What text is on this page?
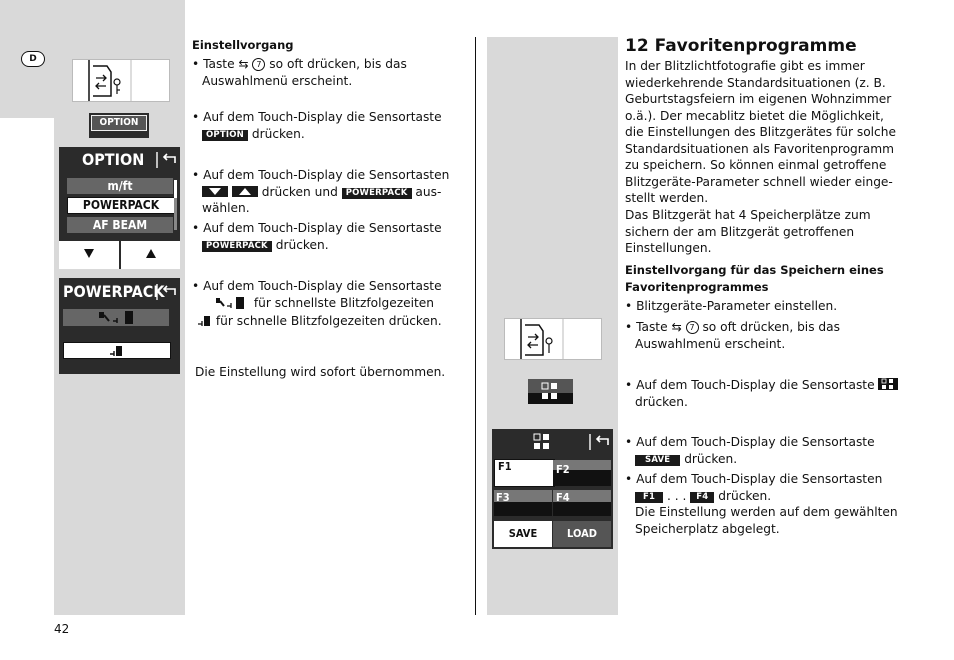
D
OPTION
OPTION
m/ft
POWERPACK
AF BEAM
POWERPACK
Einstellvorgang
• Taste ⇆ 7 so oft drücken, bis das
Auswahlmenü erscheint.
• Auf dem Touch-Display die Sensortaste
OPTION drücken.
• Auf dem Touch-Display die Sensortasten
drücken und POWERPACK aus-
wählen.
• Auf dem Touch-Display die Sensortaste
POWERPACK drücken.
• Auf dem Touch-Display die Sensortaste
für schnellste Blitzfolgezeiten
für schnelle Blitzfolgezeiten drücken.
Die Einstellung wird sofort übernommen.
F1	F2
F3	F4
SAVE	LOAD
12 Favoritenprogramme
In der Blitzlichtfotografie gibt es immer
wiederkehrende Standardsituationen (z. B.
Geburtstagsfeiern im eigenen Wohnzimmer
o.ä.). Der mecablitz bietet die Möglichkeit,
die Einstellungen des Blitzgerätes für solche
Standardsituationen als Favoritenprogramm
zu speichern. So können einmal getroffene
Blitzgeräte-Parameter schnell wieder einge-
stellt werden.
Das Blitzgerät hat 4 Speicherplätze zum
sichern der am Blitzgerät getroffenen
Einstellungen.
Einstellvorgang für das Speichern eines
Favoritenprogrammes
• Blitzgeräte-Parameter einstellen.
• Taste ⇆ 7 so oft drücken, bis das
Auswahlmenü erscheint.
• Auf dem Touch-Display die Sensortaste

drücken.
• Auf dem Touch-Display die Sensortaste
SAVE drücken.
• Auf dem Touch-Display die Sensortasten
F1 . . . F4 drücken.
Die Einstellung werden auf dem gewählten
Speicherplatz abgelegt.
42
